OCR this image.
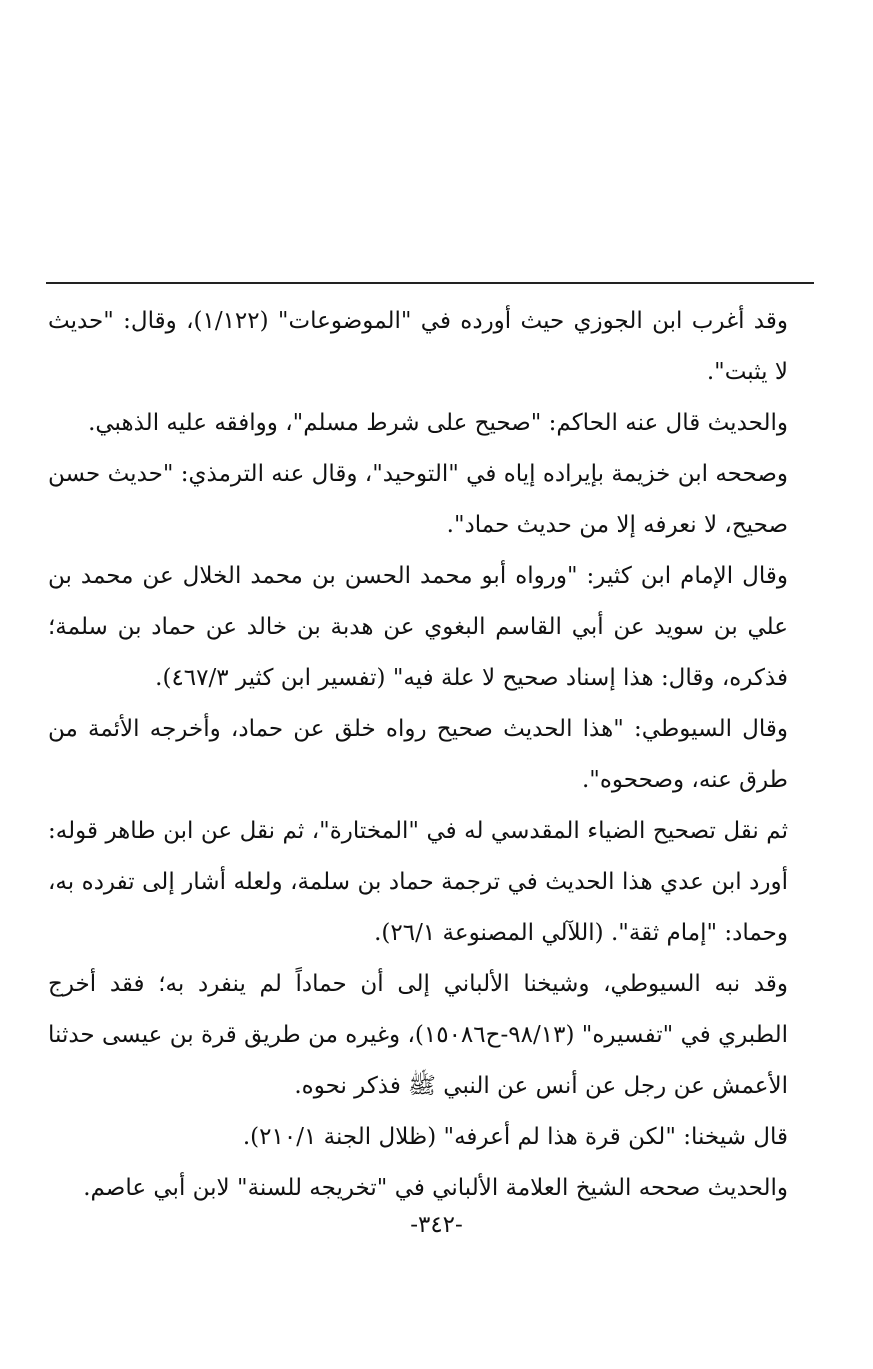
وقد أغرب ابن الجوزي حيث أورده في "الموضوعات" (١/١٢٢)، وقال: "حديث لا يثبت".

والحديث قال عنه الحاكم: "صحيح على شرط مسلم"، ووافقه عليه الذهبي.

وصححه ابن خزيمة بإيراده إياه في "التوحيد"، وقال عنه الترمذي: "حديث حسن صحيح، لا نعرفه إلا من حديث حماد".

وقال الإمام ابن كثير: "ورواه أبو محمد الحسن بن محمد الخلال عن محمد بن علي بن سويد عن أبي القاسم البغوي عن هدبة بن خالد عن حماد بن سلمة؛ فذكره، وقال: هذا إسناد صحيح لا علة فيه" (تفسير ابن كثير ٤٦٧/٣).

وقال السيوطي: "هذا الحديث صحيح رواه خلق عن حماد، وأخرجه الأئمة من طرق عنه، وصححوه".

ثم نقل تصحيح الضياء المقدسي له في "المختارة"، ثم نقل عن ابن طاهر قوله: أورد ابن عدي هذا الحديث في ترجمة حماد بن سلمة، ولعله أشار إلى تفرده به، وحماد: "إمام ثقة". (اللآلي المصنوعة ٢٦/١).

وقد نبه السيوطي، وشيخنا الألباني إلى أن حماداً لم ينفرد به؛ فقد أخرج الطبري في "تفسيره" (٩٨/١٣-ح١٥٠٨٦)، وغيره من طريق قرة بن عيسى حدثنا الأعمش عن رجل عن أنس عن النبي ﷺ فذكر نحوه.

قال شيخنا: "لكن قرة هذا لم أعرفه" (ظلال الجنة ٢١٠/١).

والحديث صححه الشيخ العلامة الألباني في "تخريجه للسنة" لابن أبي عاصم.

-٣٤٢-
